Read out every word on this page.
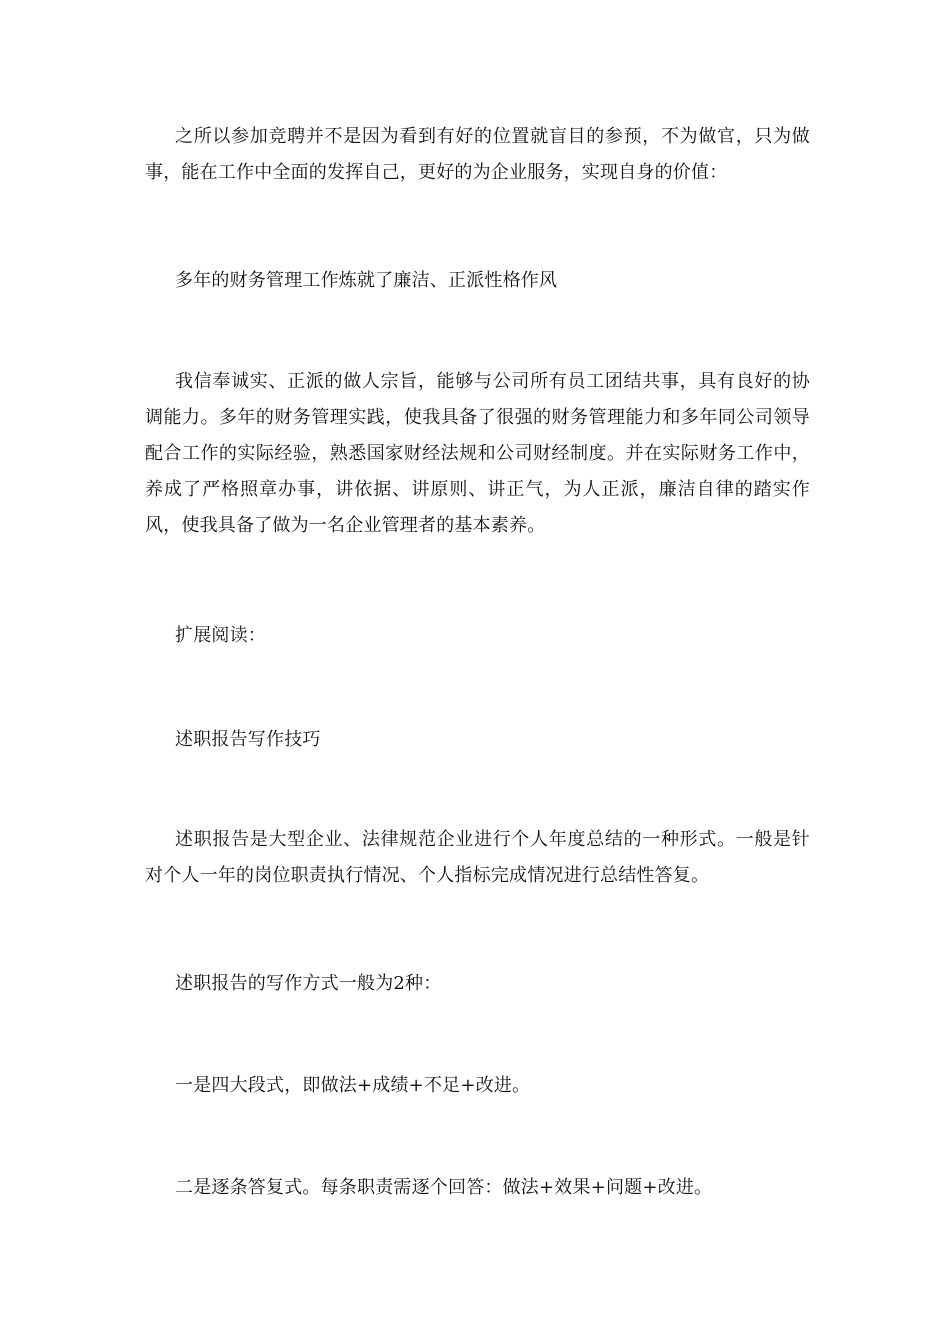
之所以参加竞聘并不是因为看到有好的位置就盲目的参预，不为做官，只为做事，能在工作中全面的发挥自己，更好的为企业服务，实现自身的价值：

多年的财务管理工作炼就了廉洁、正派性格作风

我信奉诚实、正派的做人宗旨，能够与公司所有员工团结共事，具有良好的协调能力。多年的财务管理实践，使我具备了很强的财务管理能力和多年同公司领导配合工作的实际经验，熟悉国家财经法规和公司财经制度。并在实际财务工作中，养成了严格照章办事，讲依据、讲原则、讲正气，为人正派，廉洁自律的踏实作风，使我具备了做为一名企业管理者的基本素养。

扩展阅读：

述职报告写作技巧

述职报告是大型企业、法律规范企业进行个人年度总结的一种形式。一般是针对个人一年的岗位职责执行情况、个人指标完成情况进行总结性答复。

述职报告的写作方式一般为2种：

一是四大段式，即做法+成绩+不足+改进。

二是逐条答复式。每条职责需逐个回答：做法+效果+问题+改进。
